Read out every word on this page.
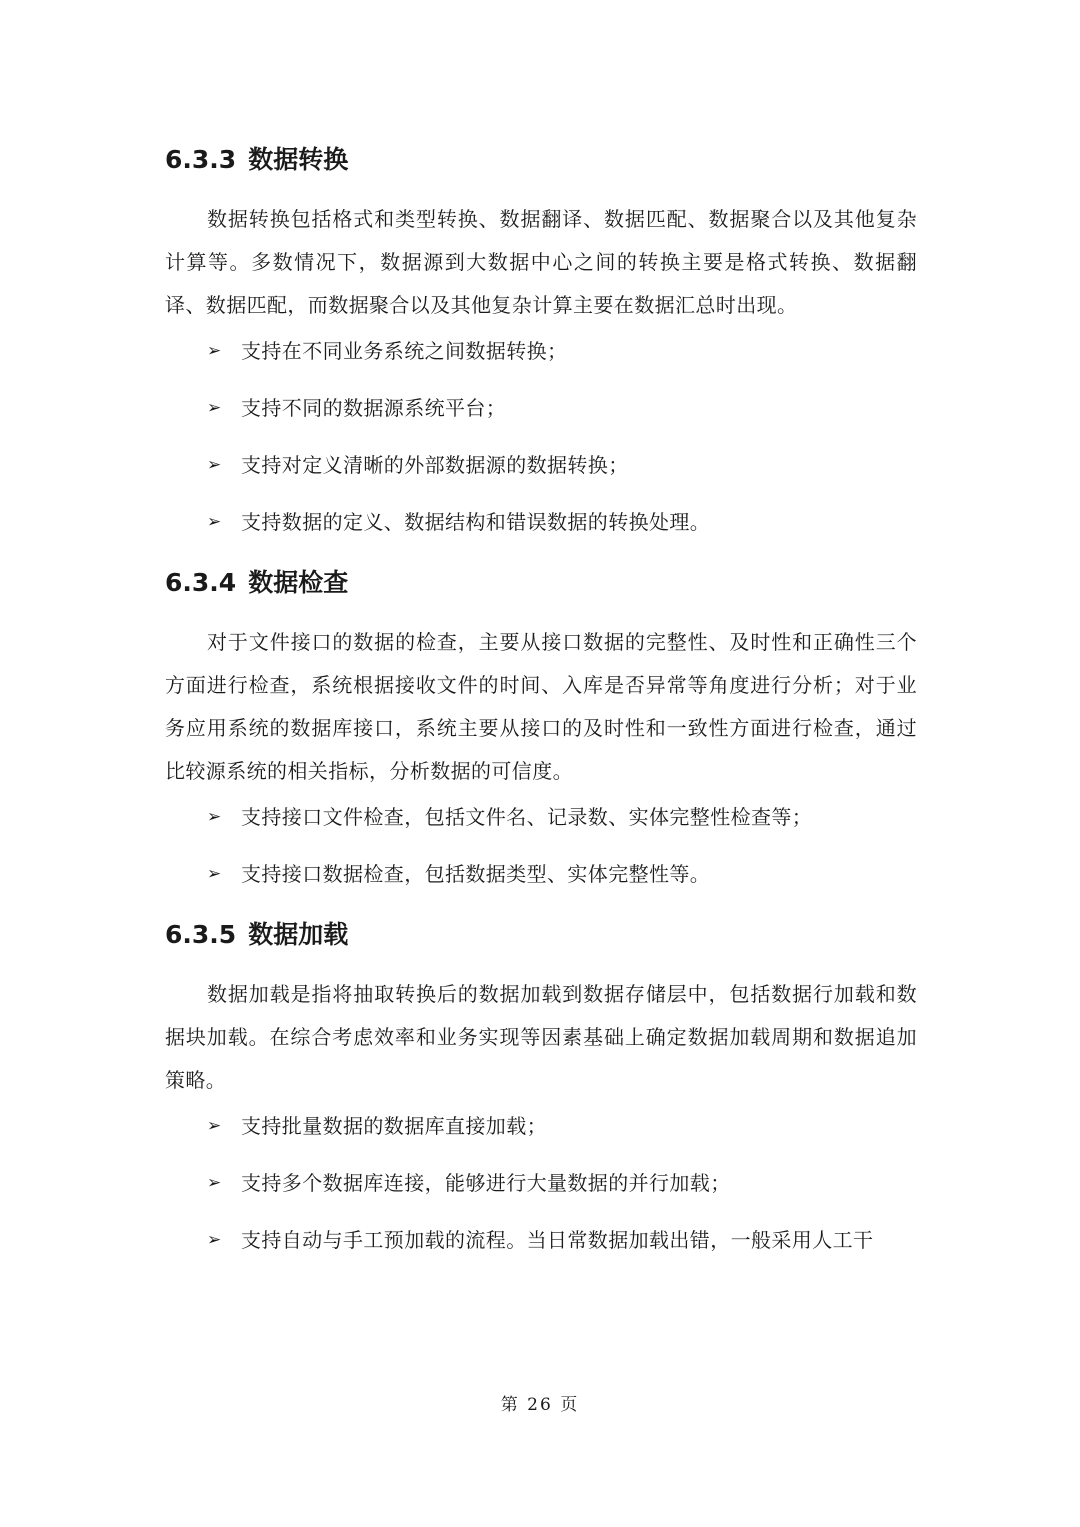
6.3.3 数据转换

数据转换包括格式和类型转换、数据翻译、数据匹配、数据聚合以及其他复杂计算等。多数情况下，数据源到大数据中心之间的转换主要是格式转换、数据翻译、数据匹配，而数据聚合以及其他复杂计算主要在数据汇总时出现。

➢ 支持在不同业务系统之间数据转换；
➢ 支持不同的数据源系统平台；
➢ 支持对定义清晰的外部数据源的数据转换；
➢ 支持数据的定义、数据结构和错误数据的转换处理。
6.3.4 数据检查

对于文件接口的数据的检查，主要从接口数据的完整性、及时性和正确性三个方面进行检查，系统根据接收文件的时间、入库是否异常等角度进行分析；对于业务应用系统的数据库接口，系统主要从接口的及时性和一致性方面进行检查，通过比较源系统的相关指标，分析数据的可信度。

➢ 支持接口文件检查，包括文件名、记录数、实体完整性检查等；
➢ 支持接口数据检查，包括数据类型、实体完整性等。
6.3.5 数据加载

数据加载是指将抽取转换后的数据加载到数据存储层中，包括数据行加载和数据块加载。在综合考虑效率和业务实现等因素基础上确定数据加载周期和数据追加策略。

➢ 支持批量数据的数据库直接加载；
➢ 支持多个数据库连接，能够进行大量数据的并行加载；
➢ 支持自动与手工预加载的流程。当日常数据加载出错，一般采用人工干
第 26 页
